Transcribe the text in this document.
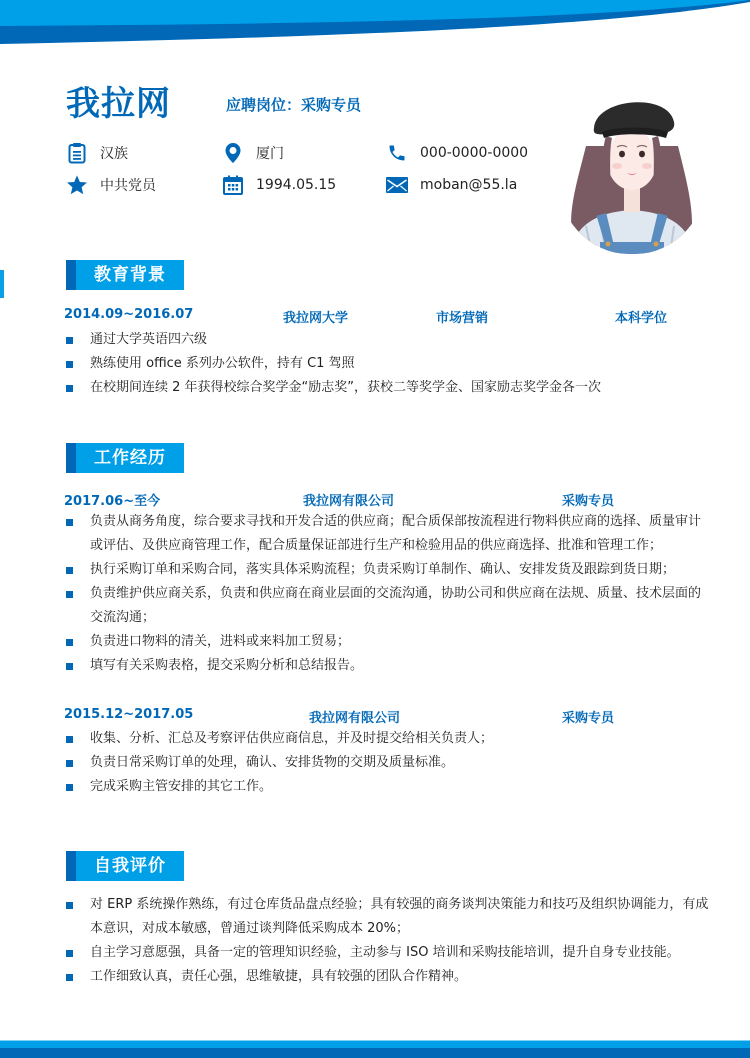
我拉网	应聘岗位：采购专员
汉族
中共党员
厦门
1994.05.15
000-0000-0000
moban@55.la
教育背景
2014.09~2016.07	我拉网大学	市场营销	本科学位
通过大学英语四六级
熟练使用 office 系列办公软件，持有 C1 驾照
在校期间连续 2 年获得校综合奖学金“励志奖”，获校二等奖学金、国家励志奖学金各一次
工作经历
2017.06~至今	我拉网有限公司	采购专员
负责从商务角度，综合要求寻找和开发合适的供应商；配合质保部按流程进行物料供应商的选择、质量审计或评估、及供应商管理工作，配合质量保证部进行生产和检验用品的供应商选择、批准和管理工作；
执行采购订单和采购合同，落实具体采购流程；负责采购订单制作、确认、安排发货及跟踪到货日期；
负责维护供应商关系，负责和供应商在商业层面的交流沟通，协助公司和供应商在法规、质量、技术层面的交流沟通；
负责进口物料的清关，进料或来料加工贸易；
填写有关采购表格，提交采购分析和总结报告。
2015.12~2017.05	我拉网有限公司	采购专员
收集、分析、汇总及考察评估供应商信息，并及时提交给相关负责人；
负责日常采购订单的处理，确认、安排货物的交期及质量标准。
完成采购主管安排的其它工作。
自我评价
对 ERP 系统操作熟练，有过仓库货品盘点经验；具有较强的商务谈判决策能力和技巧及组织协调能力，有成本意识，对成本敏感，曾通过谈判降低采购成本 20%；
自主学习意愿强，具备一定的管理知识经验，主动参与 ISO 培训和采购技能培训，提升自身专业技能。
工作细致认真，责任心强，思维敏捷，具有较强的团队合作精神。
